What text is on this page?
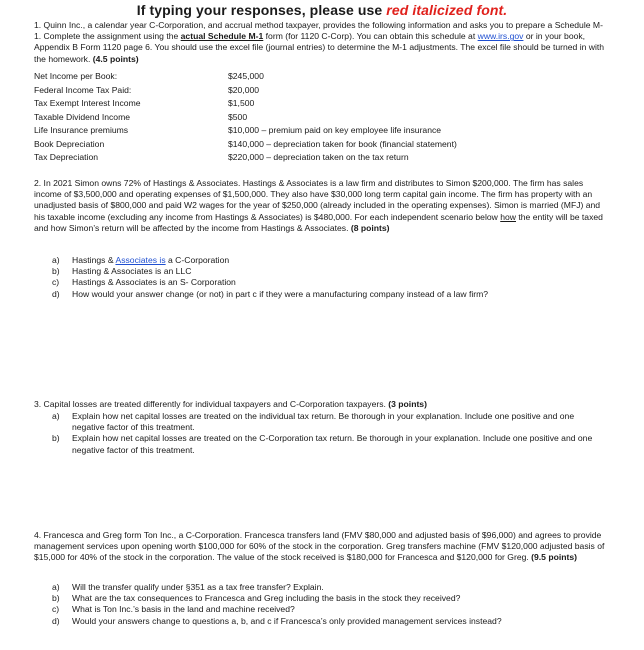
If typing your responses, please use red italicized font.
1. Quinn Inc., a calendar year C-Corporation, and accrual method taxpayer, provides the following information and asks you to prepare a Schedule M-1. Complete the assignment using the actual Schedule M-1 form (for 1120 C-Corp). You can obtain this schedule at www.irs.gov or in your book, Appendix B Form 1120 page 6. You should use the excel file (journal entries) to determine the M-1 adjustments. The excel file should be turned in with the homework. (4.5 points)
Net Income per Book:	$245,000
Federal Income Tax Paid:	$20,000
Tax Exempt Interest Income	$1,500
Taxable Dividend Income	$500
Life Insurance premiums	$10,000 – premium paid on key employee life insurance
Book Depreciation	$140,000 – depreciation taken for book (financial statement)
Tax Depreciation	$220,000 – depreciation taken on the tax return
2. In 2021 Simon owns 72% of Hastings & Associates. Hastings & Associates is a law firm and distributes to Simon $200,000. The firm has sales income of $3,500,000 and operating expenses of $1,500,000. They also have $30,000 long term capital gain income. The firm has property with an unadjusted basis of $800,000 and paid W2 wages for the year of $250,000 (already included in the operating expenses). Simon is married (MFJ) and his taxable income (excluding any income from Hastings & Associates) is $480,000. For each independent scenario below how the entity will be taxed and how Simon’s return will be affected by the income from Hastings & Associates. (8 points)
a)	Hastings & Associates is a C-Corporation
b)	Hasting & Associates is an LLC
c)	Hastings & Associates is an S- Corporation
d)	How would your answer change (or not) in part c if they were a manufacturing company instead of a law firm?
3. Capital losses are treated differently for individual taxpayers and C-Corporation taxpayers. (3 points)
a)	Explain how net capital losses are treated on the individual tax return. Be thorough in your explanation. Include one positive and one negative factor of this treatment.
b)	Explain how net capital losses are treated on the C-Corporation tax return. Be thorough in your explanation. Include one positive and one negative factor of this treatment.
4. Francesca and Greg form Ton Inc., a C-Corporation. Francesca transfers land (FMV $80,000 and adjusted basis of $96,000) and agrees to provide management services upon opening worth $100,000 for 60% of the stock in the corporation. Greg transfers machine (FMV $120,000 adjusted basis of $15,000 for 40% of the stock in the corporation. The value of the stock received is $180,000 for Francesca and $120,000 for Greg. (9.5 points)
a)	Will the transfer qualify under §351 as a tax free transfer? Explain.
b)	What are the tax consequences to Francesca and Greg including the basis in the stock they received?
c)	What is Ton Inc.’s basis in the land and machine received?
d)	Would your answers change to questions a, b, and c if Francesca’s only provided management services instead?
